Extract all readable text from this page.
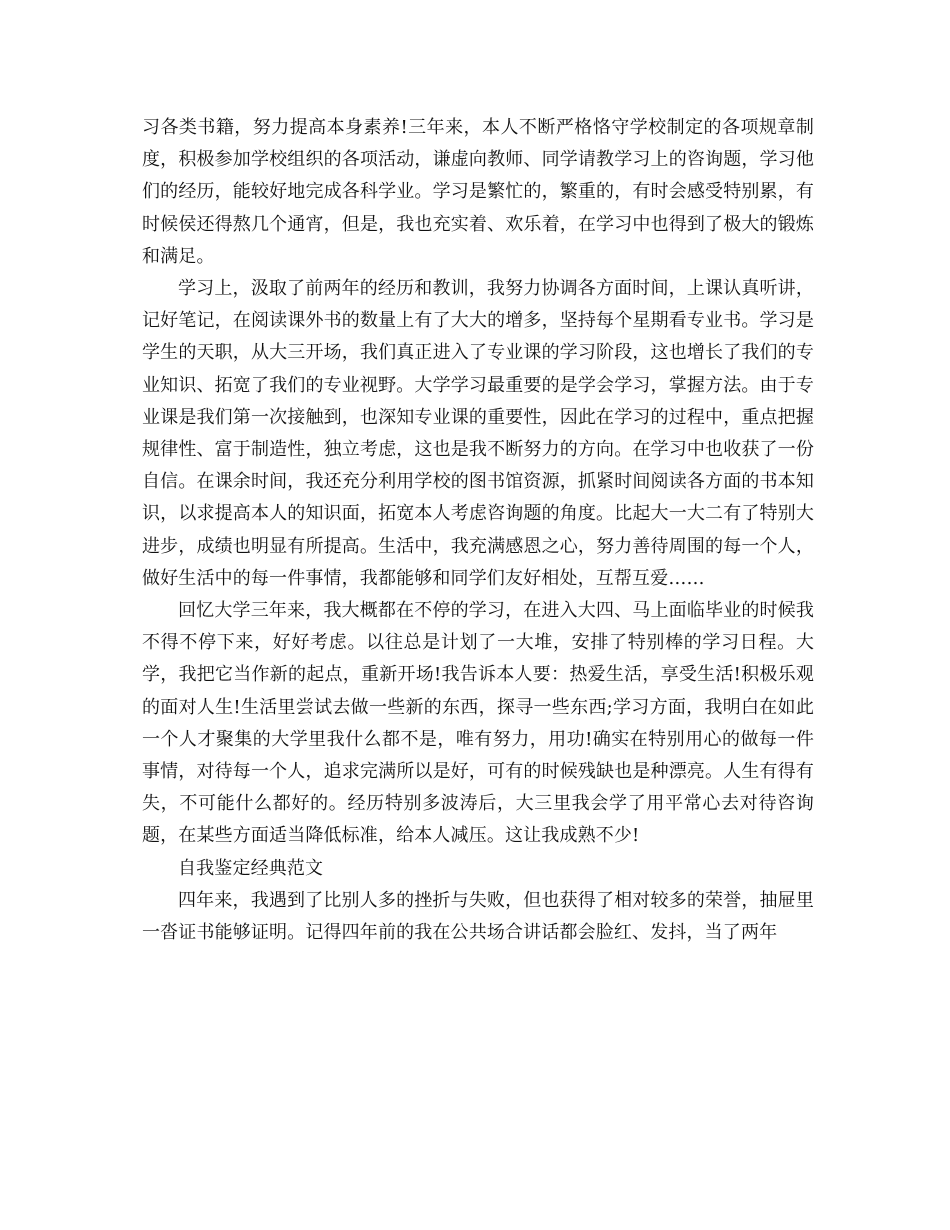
习各类书籍，努力提高本身素养!三年来，本人不断严格恪守学校制定的各项规章制度，积极参加学校组织的各项活动，谦虚向教师、同学请教学习上的咨询题，学习他们的经历，能较好地完成各科学业。学习是繁忙的，繁重的，有时会感受特别累，有时候侯还得熬几个通宵，但是，我也充实着、欢乐着，在学习中也得到了极大的锻炼和满足。

学习上，汲取了前两年的经历和教训，我努力协调各方面时间，上课认真听讲，记好笔记，在阅读课外书的数量上有了大大的增多，坚持每个星期看专业书。学习是学生的天职，从大三开场，我们真正进入了专业课的学习阶段，这也增长了我们的专业知识、拓宽了我们的专业视野。大学学习最重要的是学会学习，掌握方法。由于专业课是我们第一次接触到，也深知专业课的重要性，因此在学习的过程中，重点把握规律性、富于制造性，独立考虑，这也是我不断努力的方向。在学习中也收获了一份自信。在课余时间，我还充分利用学校的图书馆资源，抓紧时间阅读各方面的书本知识，以求提高本人的知识面，拓宽本人考虑咨询题的角度。比起大一大二有了特别大进步，成绩也明显有所提高。生活中，我充满感恩之心，努力善待周围的每一个人，做好生活中的每一件事情，我都能够和同学们友好相处，互帮互爱……

回忆大学三年来，我大概都在不停的学习，在进入大四、马上面临毕业的时候我不得不停下来，好好考虑。以往总是计划了一大堆，安排了特别棒的学习日程。大学，我把它当作新的起点，重新开场!我告诉本人要：热爱生活，享受生活!积极乐观的面对人生!生活里尝试去做一些新的东西，探寻一些东西;学习方面，我明白在如此一个人才聚集的大学里我什么都不是，唯有努力，用功!确实在特别用心的做每一件事情，对待每一个人，追求完满所以是好，可有的时候残缺也是种漂亮。人生有得有失，不可能什么都好的。经历特别多波涛后，大三里我会学了用平常心去对待咨询题，在某些方面适当降低标准，给本人减压。这让我成熟不少!

自我鉴定经典范文

四年来，我遇到了比别人多的挫折与失败，但也获得了相对较多的荣誉，抽屉里一沓证书能够证明。记得四年前的我在公共场合讲话都会脸红、发抖，当了两年
